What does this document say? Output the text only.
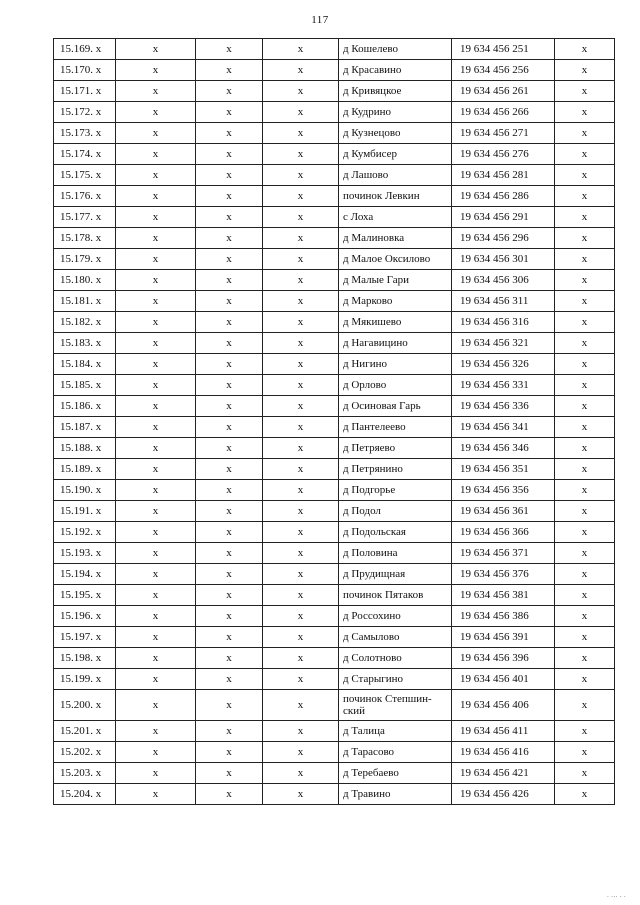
117
15.169. х	х	х	х	д Кошелево	19 634 456 251	х
15.170. х	х	х	х	д Красавино	19 634 456 256	х
15.171. х	х	х	х	д Кривяцкое	19 634 456 261	х
15.172. х	х	х	х	д Кудрино	19 634 456 266	х
15.173. х	х	х	х	д Кузнецово	19 634 456 271	х
15.174. х	х	х	х	д Кумбисер	19 634 456 276	х
15.175. х	х	х	х	д Лашово	19 634 456 281	х
15.176. х	х	х	х	починок Левкин	19 634 456 286	х
15.177. х	х	х	х	с Лоха	19 634 456 291	х
15.178. х	х	х	х	д Малиновка	19 634 456 296	х
15.179. х	х	х	х	д Малое Оксилово	19 634 456 301	х
15.180. х	х	х	х	д Малые Гари	19 634 456 306	х
15.181. х	х	х	х	д Марково	19 634 456 311	х
15.182. х	х	х	х	д Мякишево	19 634 456 316	х
15.183. х	х	х	х	д Нагавицино	19 634 456 321	х
15.184. х	х	х	х	д Нигино	19 634 456 326	х
15.185. х	х	х	х	д Орлово	19 634 456 331	х
15.186. х	х	х	х	д Осиновая Гарь	19 634 456 336	х
15.187. х	х	х	х	д Пантелеево	19 634 456 341	х
15.188. х	х	х	х	д Петряево	19 634 456 346	х
15.189. х	х	х	х	д Петрянино	19 634 456 351	х
15.190. х	х	х	х	д Подгорье	19 634 456 356	х
15.191. х	х	х	х	д Подол	19 634 456 361	х
15.192. х	х	х	х	д Подольская	19 634 456 366	х
15.193. х	х	х	х	д Половина	19 634 456 371	х
15.194. х	х	х	х	д Прудищная	19 634 456 376	х
15.195. х	х	х	х	починок Пятаков	19 634 456 381	х
15.196. х	х	х	х	д Россохино	19 634 456 386	х
15.197. х	х	х	х	д Самылово	19 634 456 391	х
15.198. х	х	х	х	д Солотново	19 634 456 396	х
15.199. х	х	х	х	д Старыгино	19 634 456 401	х
15.200. х	х	х	х	починок Степшин-ский	19 634 456 406	х
15.201. х	х	х	х	д Талица	19 634 456 411	х
15.202. х	х	х	х	д Тарасово	19 634 456 416	х
15.203. х	х	х	х	д Теребаево	19 634 456 421	х
15.204. х	х	х	х	д Травино	19 634 456 426	х
· ··· · ·
